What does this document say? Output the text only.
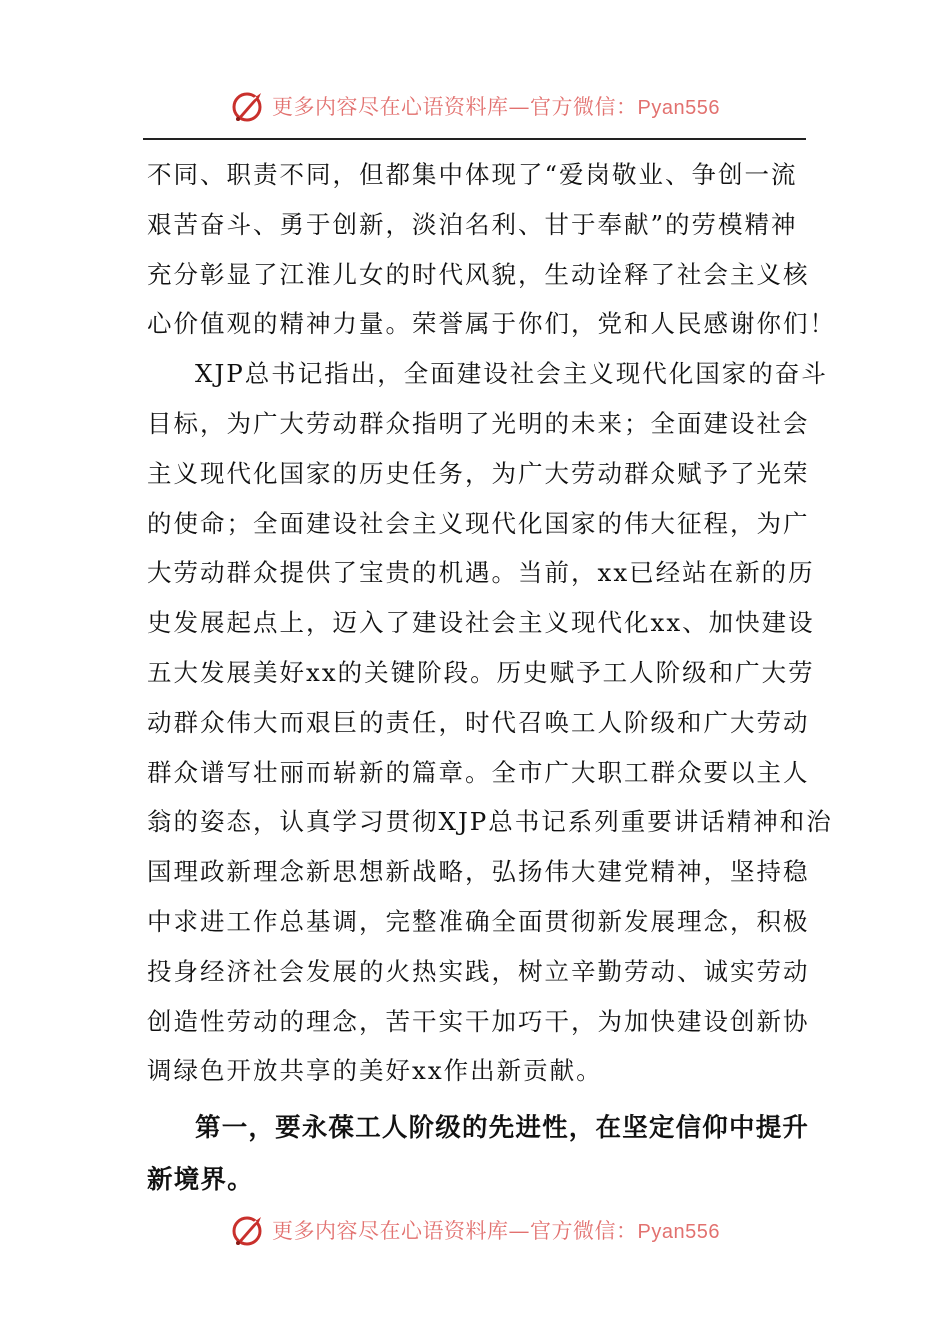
更多内容尽在心语资料库—官方微信：Pyan556
不同、职责不同，但都集中体现了“爱岗敬业、争创一流
艰苦奋斗、勇于创新，淡泊名利、甘于奉献”的劳模精神
充分彰显了江淮儿女的时代风貌，生动诠释了社会主义核
心价值观的精神力量。荣誉属于你们，党和人民感谢你们！
XJP总书记指出，全面建设社会主义现代化国家的奋斗
目标，为广大劳动群众指明了光明的未来；全面建设社会
主义现代化国家的历史任务，为广大劳动群众赋予了光荣
的使命；全面建设社会主义现代化国家的伟大征程，为广
大劳动群众提供了宝贵的机遇。当前，xx已经站在新的历
史发展起点上，迈入了建设社会主义现代化xx、加快建设
五大发展美好xx的关键阶段。历史赋予工人阶级和广大劳
动群众伟大而艰巨的责任，时代召唤工人阶级和广大劳动
群众谱写壮丽而崭新的篇章。全市广大职工群众要以主人
翁的姿态，认真学习贯彻XJP总书记系列重要讲话精神和治
国理政新理念新思想新战略，弘扬伟大建党精神，坚持稳
中求进工作总基调，完整准确全面贯彻新发展理念，积极
投身经济社会发展的火热实践，树立辛勤劳动、诚实劳动
创造性劳动的理念，苦干实干加巧干，为加快建设创新协
调绿色开放共享的美好xx作出新贡献。
第一，要永葆工人阶级的先进性，在坚定信仰中提升
新境界。
更多内容尽在心语资料库—官方微信：Pyan556
